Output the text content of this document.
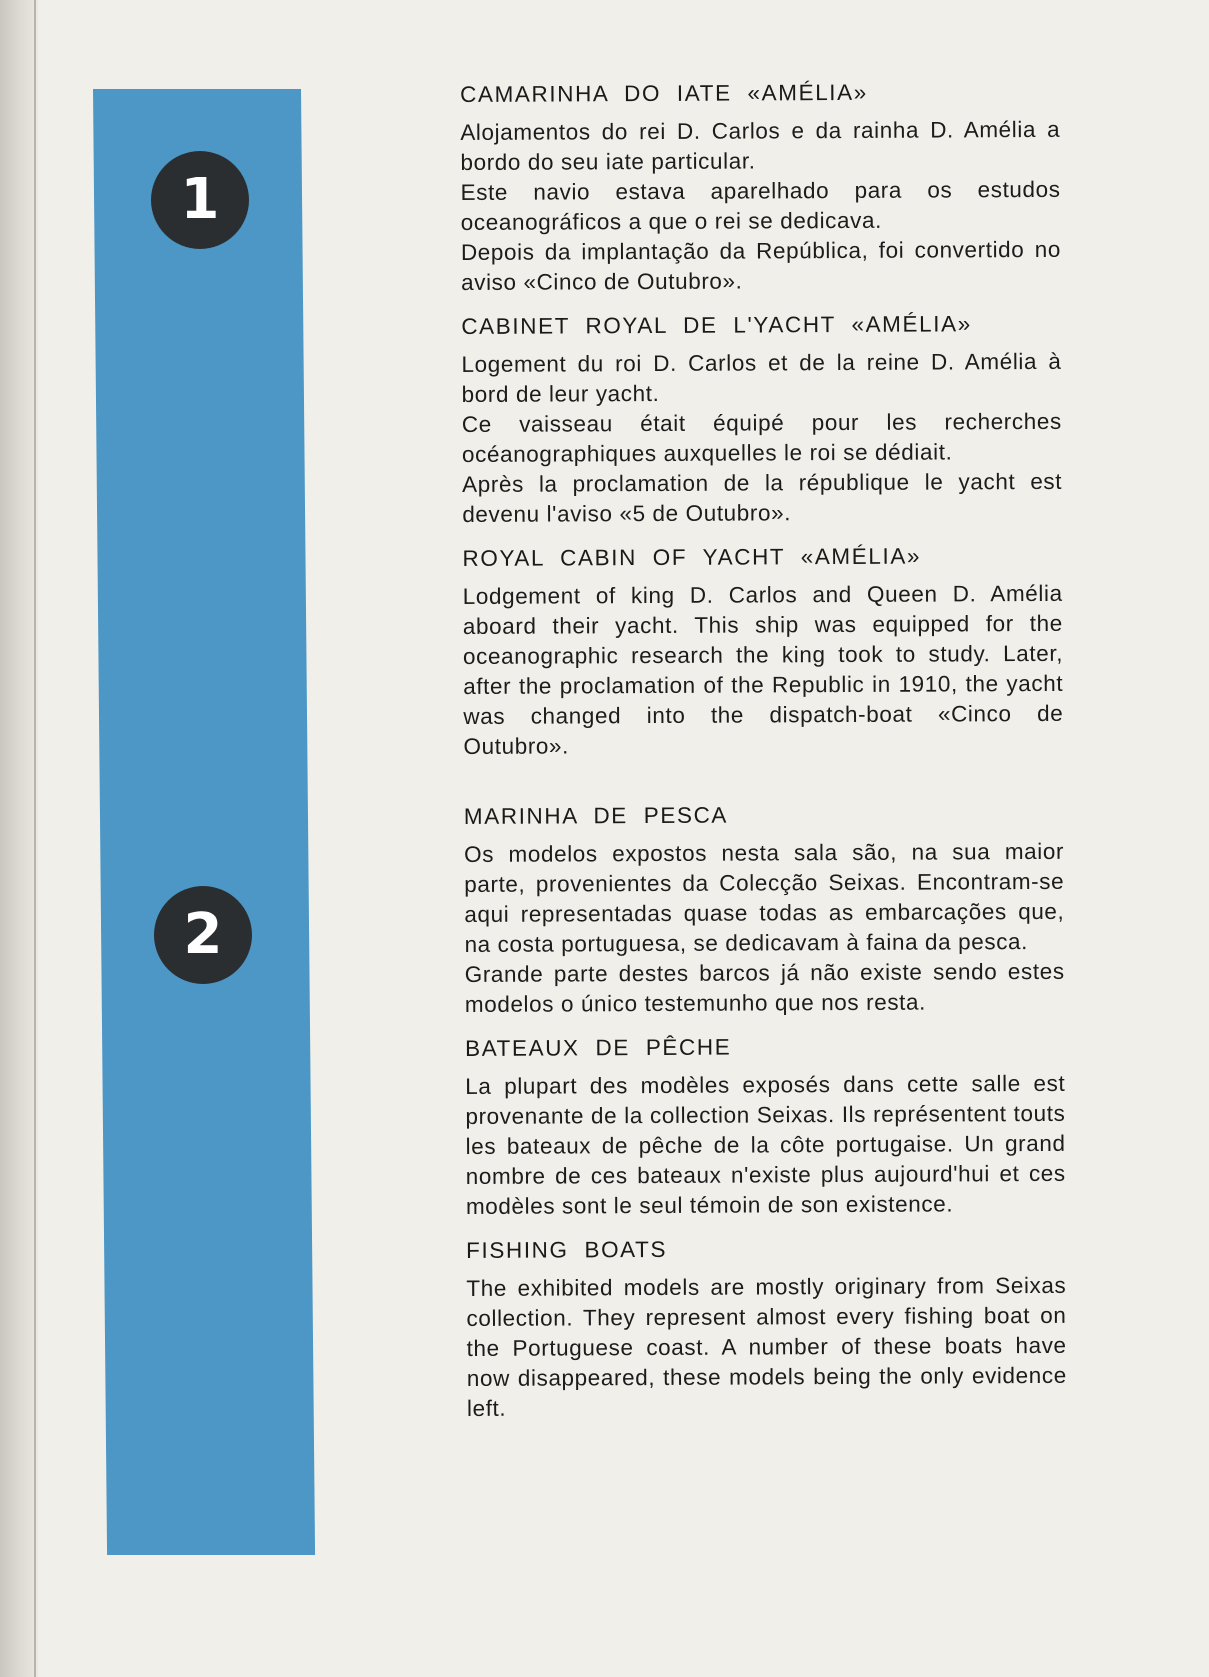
1
2
CAMARINHA DO IATE «AMÉLIA»

Alojamentos do rei D. Carlos e da rainha D. Amélia a bordo do seu iate particular.

Este navio estava aparelhado para os estudos oceanográficos a que o rei se dedicava.

Depois da implantação da República, foi convertido no aviso «Cinco de Outubro».

CABINET ROYAL DE L'YACHT «AMÉLIA»

Logement du roi D. Carlos et de la reine D. Amélia à bord de leur yacht.

Ce vaisseau était équipé pour les recherches océanographiques auxquelles le roi se dédiait.

Après la proclamation de la république le yacht est devenu l'aviso «5 de Outubro».

ROYAL CABIN OF YACHT «AMÉLIA»

Lodgement of king D. Carlos and Queen D. Amélia aboard their yacht. This ship was equipped for the oceanographic research the king took to study. Later, after the proclamation of the Republic in 1910, the yacht was changed into the dispatch-boat «Cinco de Outubro».

MARINHA DE PESCA

Os modelos expostos nesta sala são, na sua maior parte, provenientes da Colecção Seixas. Encontram-se aqui representadas quase todas as embarcações que, na costa portuguesa, se dedicavam à faina da pesca.

Grande parte destes barcos já não existe sendo estes modelos o único testemunho que nos resta.

BATEAUX DE PÊCHE

La plupart des modèles exposés dans cette salle est provenante de la collection Seixas. Ils représentent touts les bateaux de pêche de la côte portugaise. Un grand nombre de ces bateaux n'existe plus aujourd'hui et ces modèles sont le seul témoin de son existence.

FISHING BOATS

The exhibited models are mostly originary from Seixas collection. They represent almost every fishing boat on the Portuguese coast. A number of these boats have now disappeared, these models being the only evidence left.
